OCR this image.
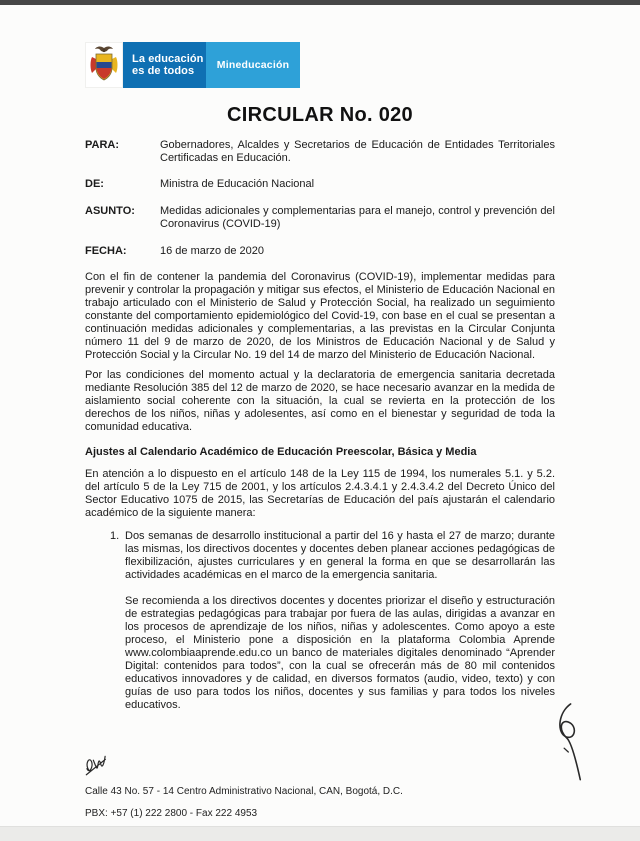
La educación
es de todos	Mineducación
CIRCULAR No. 020
PARA:	Gobernadores, Alcaldes y Secretarios de Educación de Entidades Territoriales Certificadas en Educación.
DE:	Ministra de Educación Nacional
ASUNTO:	Medidas adicionales y complementarias para el manejo, control y prevención del Coronavirus (COVID-19)
FECHA:	16 de marzo de 2020

Con el fin de contener la pandemia del Coronavirus (COVID-19), implementar medidas para prevenir y controlar la propagación y mitigar sus efectos, el Ministerio de Educación Nacional en trabajo articulado con el Ministerio de Salud y Protección Social, ha realizado un seguimiento constante del comportamiento epidemiológico del Covid-19, con base en el cual se presentan a continuación medidas adicionales y complementarias, a las previstas en la Circular Conjunta número 11 del 9 de marzo de 2020, de los Ministros de Educación Nacional y de Salud y Protección Social y la Circular No. 19 del 14 de marzo del Ministerio de Educación Nacional.

Por las condiciones del momento actual y la declaratoria de emergencia sanitaria decretada mediante Resolución 385 del 12 de marzo de 2020, se hace necesario avanzar en la medida de aislamiento social coherente con la situación, la cual se revierta en la protección de los derechos de los niños, niñas y adolesentes, así como en el bienestar y seguridad de toda la comunidad educativa.

Ajustes al Calendario Académico de Educación Preescolar, Básica y Media

En atención a lo dispuesto en el artículo 148 de la Ley 115 de 1994, los numerales 5.1. y 5.2. del artículo 5 de la Ley 715 de 2001, y los artículos 2.4.3.4.1 y 2.4.3.4.2 del Decreto Único del Sector Educativo 1075 de 2015, las Secretarías de Educación del país ajustarán el calendario académico de la siguiente manera:

1. Dos semanas de desarrollo institucional a partir del 16 y hasta el 27 de marzo; durante las mismas, los directivos docentes y docentes deben planear acciones pedagógicas de flexibilización, ajustes curriculares y en general la forma en que se desarrollarán las actividades académicas en el marco de la emergencia sanitaria.

Se recomienda a los directivos docentes y docentes priorizar el diseño y estructuración de estrategias pedagógicas para trabajar por fuera de las aulas, dirigidas a avanzar en los procesos de aprendizaje de los niños, niñas y adolescentes. Como apoyo a este proceso, el Ministerio pone a disposición en la plataforma Colombia Aprende www.colombiaaprende.edu.co un banco de materiales digitales denominado “Aprender Digital: contenidos para todos”, con la cual se ofrecerán más de 80 mil contenidos educativos innovadores y de calidad, en diversos formatos (audio, video, texto) y con guías de uso para todos los niños, docentes y sus familias y para todos los niveles educativos.

Calle 43 No. 57 - 14 Centro Administrativo Nacional, CAN, Bogotá, D.C.
PBX: +57 (1) 222 2800 - Fax 222 4953
